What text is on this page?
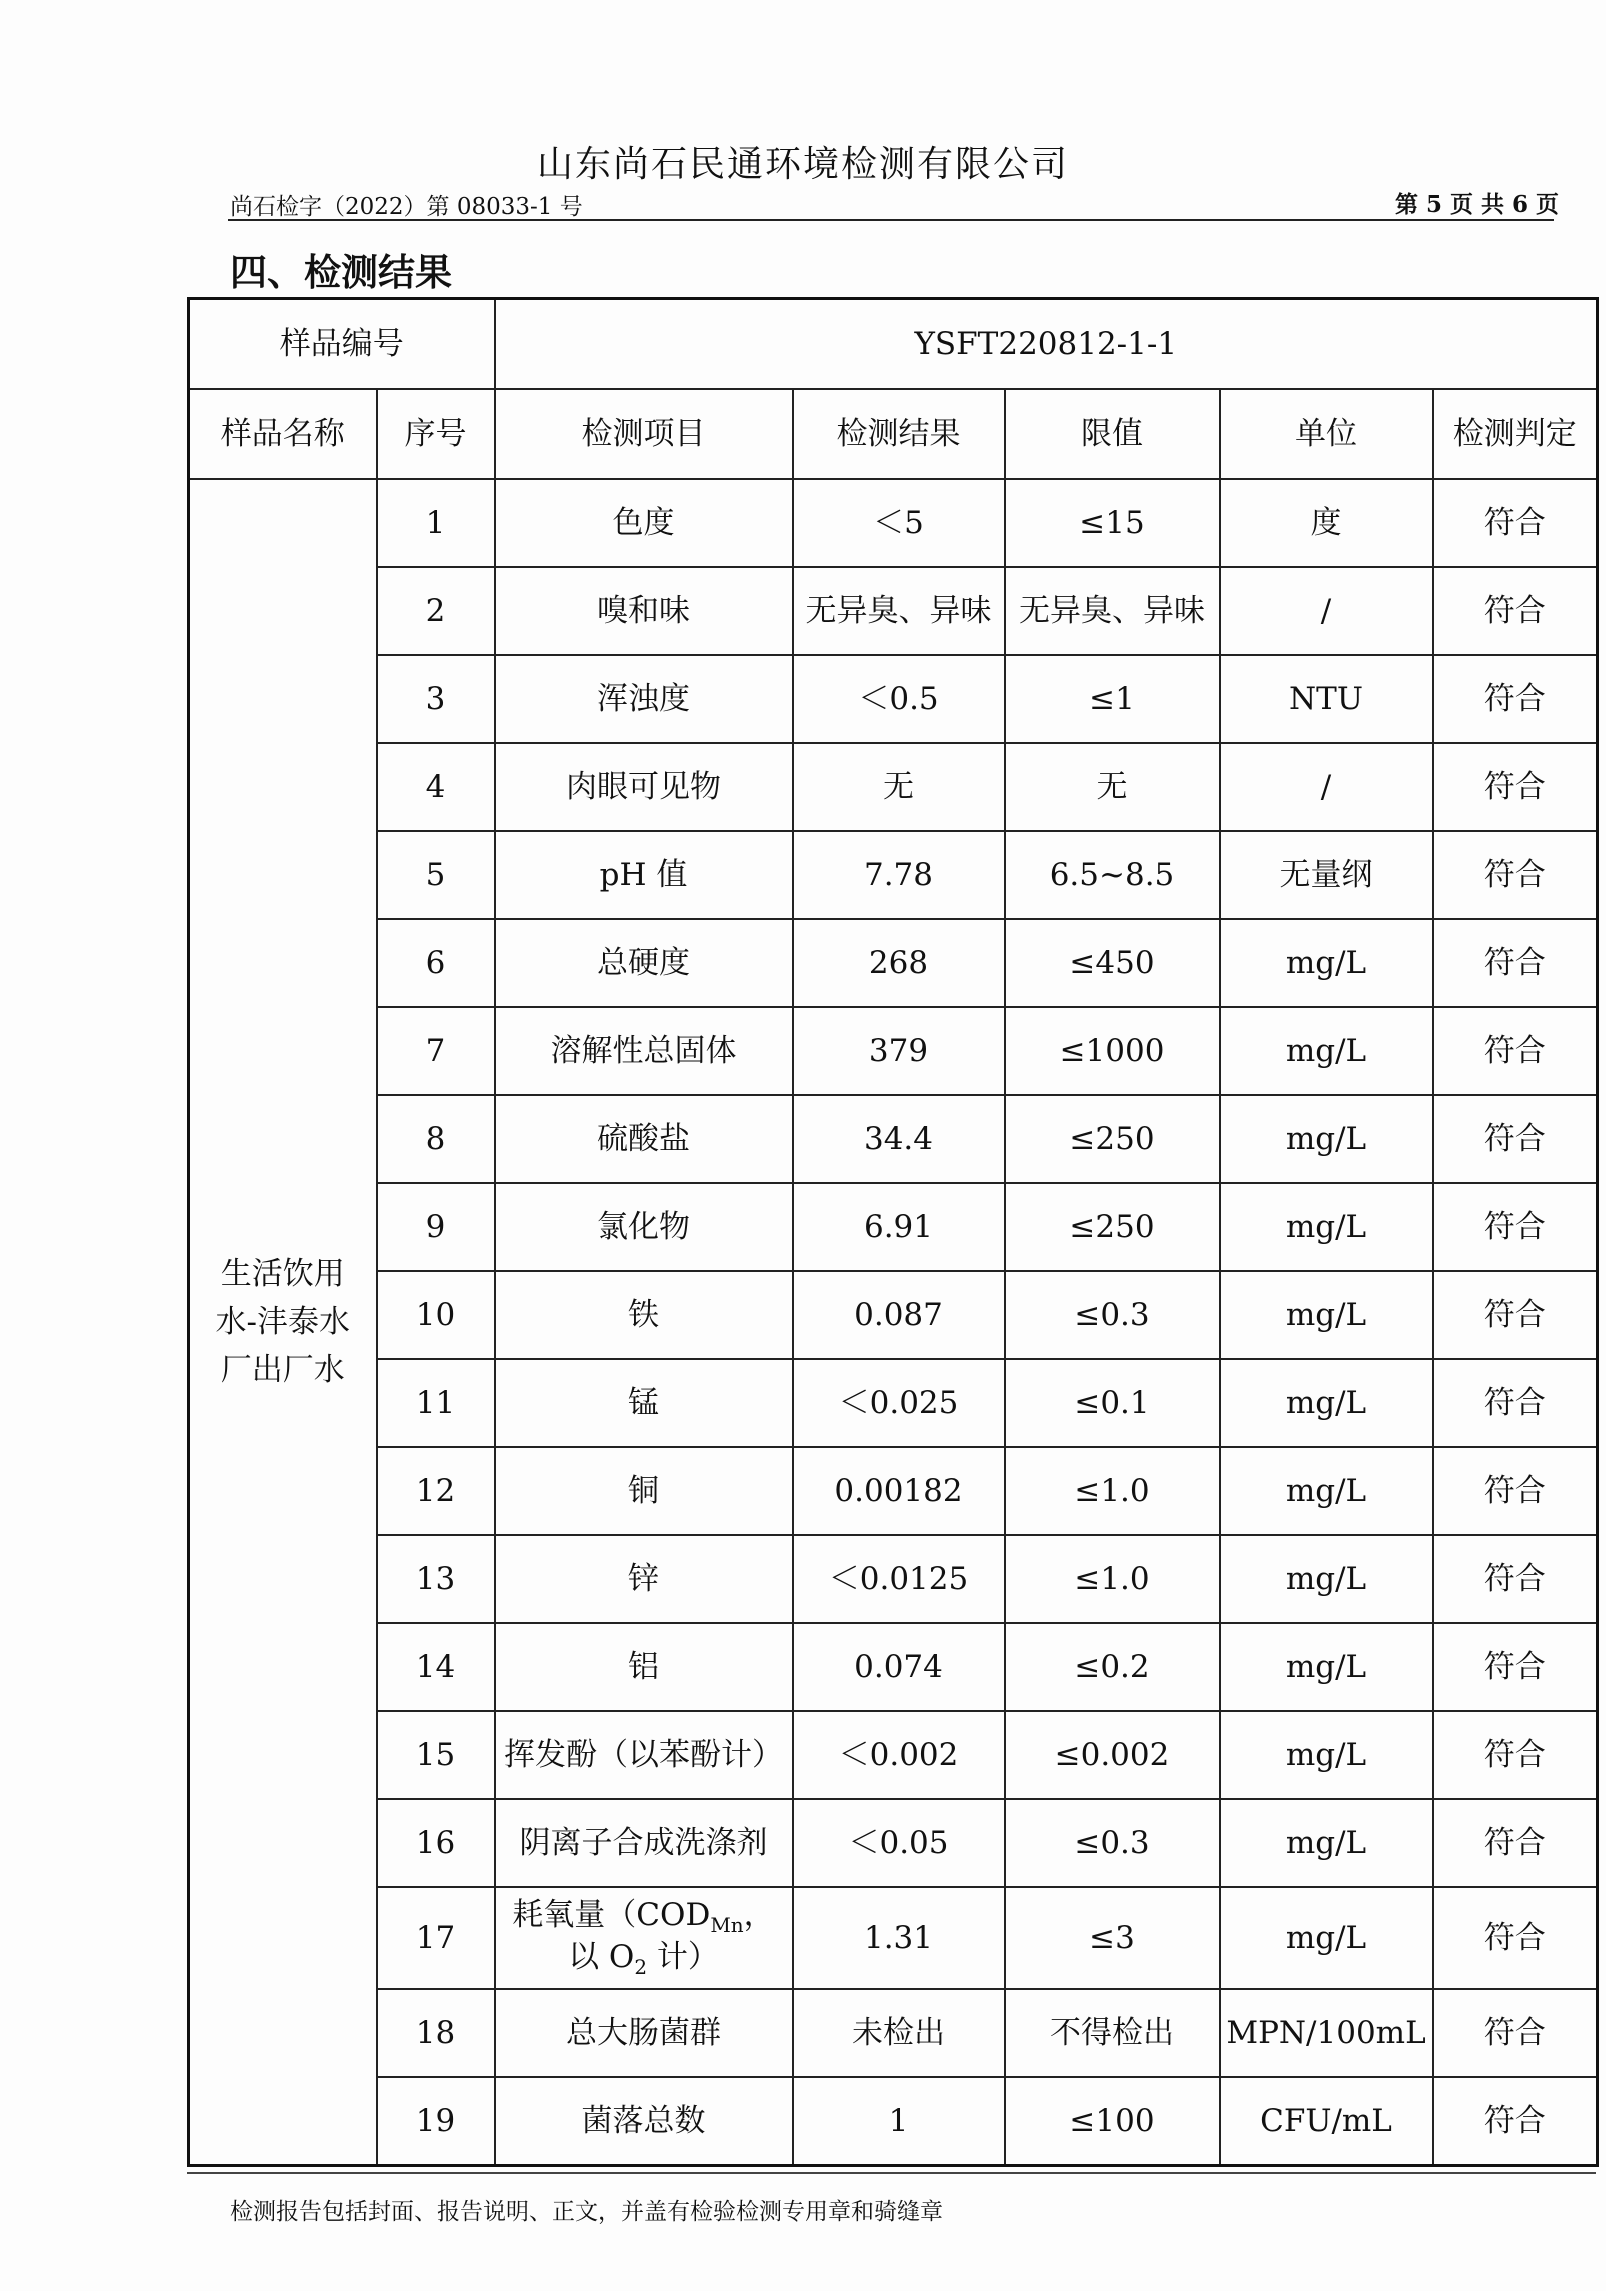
山东尚石民通环境检测有限公司
尚石检字（2022）第 08033-1 号	第 5 页 共 6 页
四、检测结果
样品编号		YSFT220812-1-1				
样品名称	序号	检测项目	检测结果	限值	单位	检测判定
生活饮用水-沣泰水厂出厂水	1	色度	＜5	≤15	度	符合
	2	嗅和味	无异臭、异味	无异臭、异味	/	符合
	3	浑浊度	＜0.5	≤1	NTU	符合
	4	肉眼可见物	无	无	/	符合
	5	pH 值	7.78	6.5~8.5	无量纲	符合
	6	总硬度	268	≤450	mg/L	符合
	7	溶解性总固体	379	≤1000	mg/L	符合
	8	硫酸盐	34.4	≤250	mg/L	符合
	9	氯化物	6.91	≤250	mg/L	符合
	10	铁	0.087	≤0.3	mg/L	符合
	11	锰	＜0.025	≤0.1	mg/L	符合
	12	铜	0.00182	≤1.0	mg/L	符合
	13	锌	＜0.0125	≤1.0	mg/L	符合
	14	铝	0.074	≤0.2	mg/L	符合
	15	挥发酚（以苯酚计）	＜0.002	≤0.002	mg/L	符合
	16	阴离子合成洗涤剂	＜0.05	≤0.3	mg/L	符合
	17	耗氧量（$COD_{Mn}$，
以 $O_2$ 计）	1.31	≤3	mg/L	符合
	18	总大肠菌群	未检出	不得检出	MPN/100mL	符合
	19	菌落总数	1	≤100	CFU/mL	符合
检测报告包括封面、报告说明、正文，并盖有检验检测专用章和骑缝章
